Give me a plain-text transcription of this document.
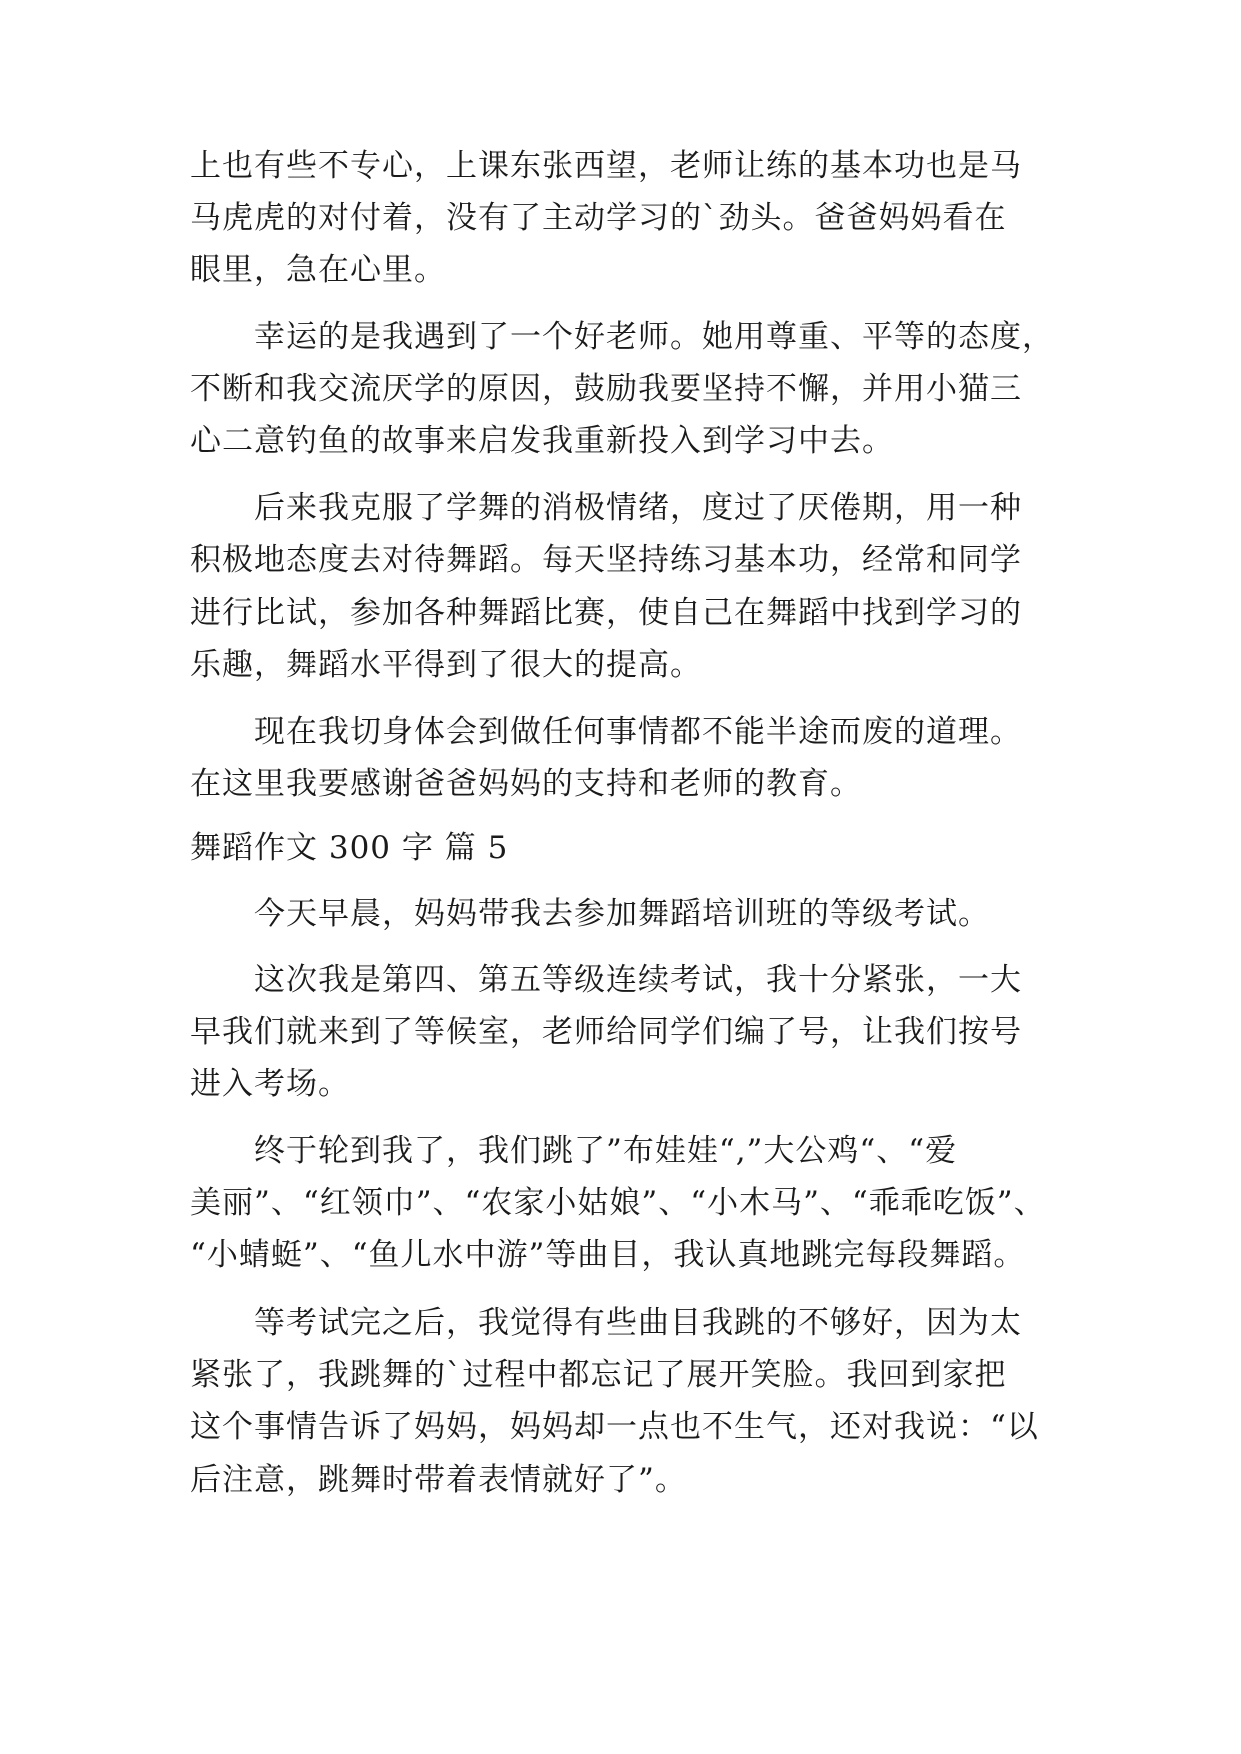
上也有些不专心，上课东张西望，老师让练的基本功也是马
马虎虎的对付着，没有了主动学习的`劲头。爸爸妈妈看在
眼里，急在心里。
幸运的是我遇到了一个好老师。她用尊重、平等的态度，
不断和我交流厌学的原因，鼓励我要坚持不懈，并用小猫三
心二意钓鱼的故事来启发我重新投入到学习中去。
后来我克服了学舞的消极情绪，度过了厌倦期，用一种
积极地态度去对待舞蹈。每天坚持练习基本功，经常和同学
进行比试，参加各种舞蹈比赛，使自己在舞蹈中找到学习的
乐趣，舞蹈水平得到了很大的提高。
现在我切身体会到做任何事情都不能半途而废的道理。
在这里我要感谢爸爸妈妈的支持和老师的教育。
舞蹈作文 300 字 篇 5
今天早晨，妈妈带我去参加舞蹈培训班的等级考试。
这次我是第四、第五等级连续考试，我十分紧张，一大
早我们就来到了等候室，老师给同学们编了号，让我们按号
进入考场。
终于轮到我了，我们跳了”布娃娃“,”大公鸡“、“爱
美丽”、“红领巾”、“农家小姑娘”、“小木马”、“乖乖吃饭”、
“小蜻蜓”、“鱼儿水中游”等曲目，我认真地跳完每段舞蹈。
等考试完之后，我觉得有些曲目我跳的不够好，因为太
紧张了，我跳舞的`过程中都忘记了展开笑脸。我回到家把
这个事情告诉了妈妈，妈妈却一点也不生气，还对我说：“以
后注意，跳舞时带着表情就好了”。
